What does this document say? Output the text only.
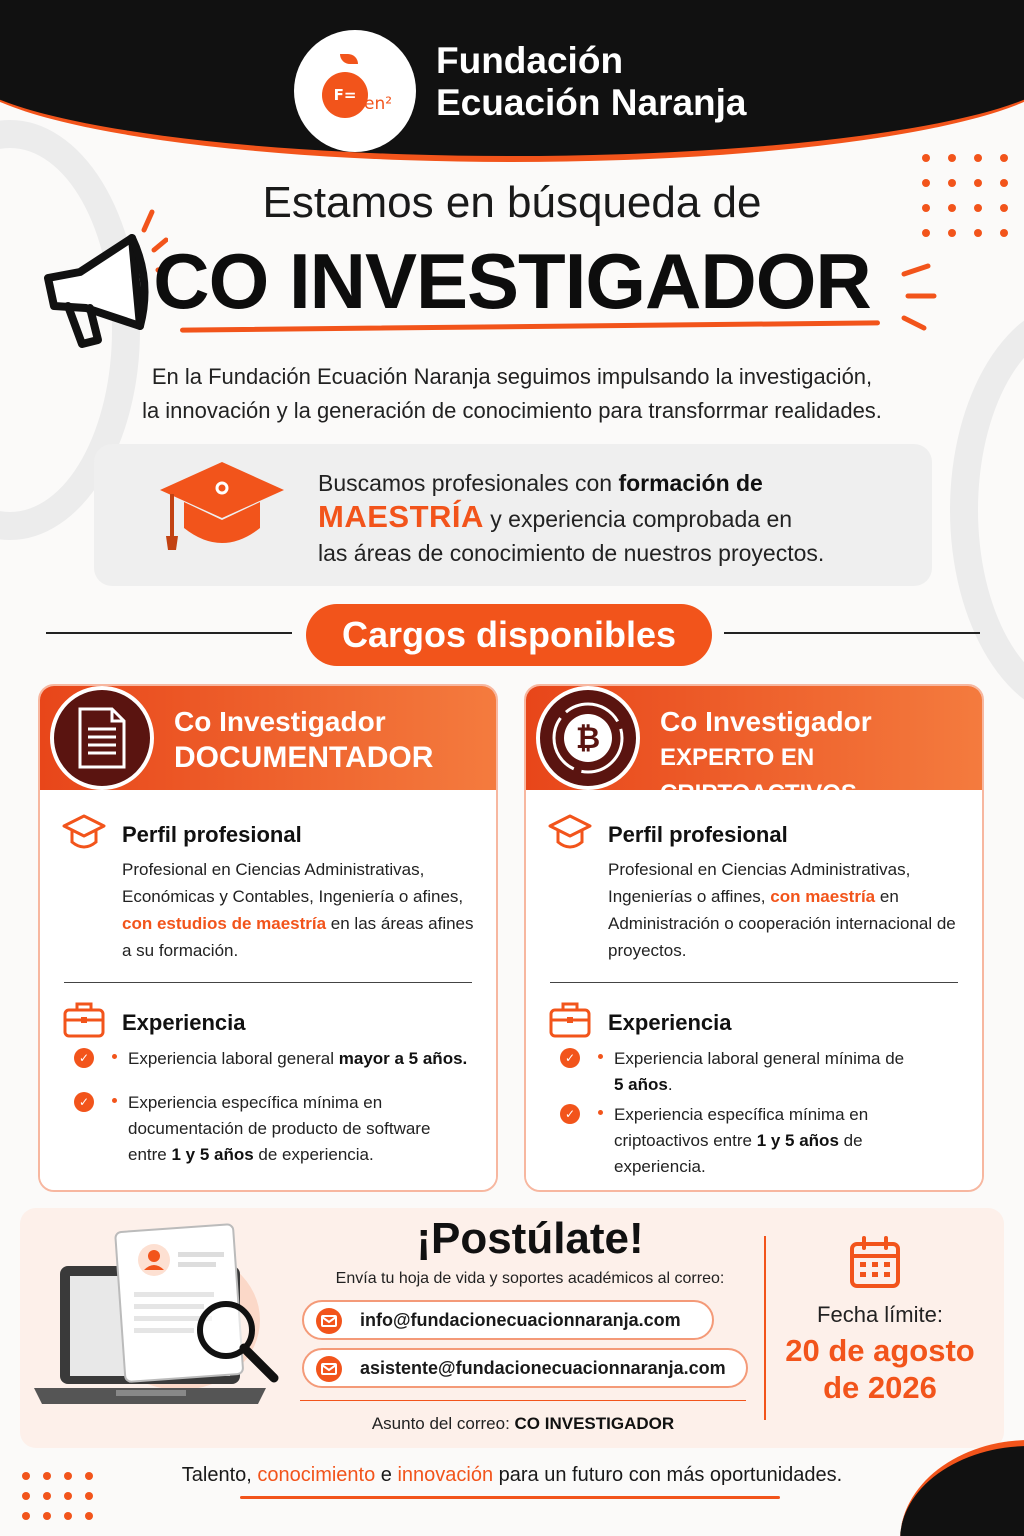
F= en²
Fundación
Ecuación Naranja
Estamos en búsqueda de
CO INVESTIGADOR
En la Fundación Ecuación Naranja seguimos impulsando la investigación,
la innovación y la generación de conocimiento para transforrmar realidades.
Buscamos profesionales con formación de
MAESTRÍA y experiencia comprobada en
las áreas de conocimiento de nuestros proyectos.
Cargos disponibles
Co Investigador
DOCUMENTADOR
Perfil profesional
Profesional en Ciencias Administrativas, Económicas y Contables, Ingeniería o afines, con estudios de maestría en las áreas afines a su formación.
Experiencia
✓ Experiencia laboral general mayor a 5 años.
✓ Experiencia específica mínima en documentación de producto de software entre 1 y 5 años de experiencia.
₿ Co Investigador
EXPERTO EN
Perfil profesional
Profesional en Ciencias Administrativas, Ingenierías o affines, con maestría en Administración o cooperación internacional de proyectos.
Experiencia
✓ Experiencia laboral general mínima de 5 años.
✓ Experiencia específica mínima en criptoactivos entre 1 y 5 años de experiencia.
¡Postúlate!
Envía tu hoja de vida y soportes académicos al correo:
info@fundacionecuacionnaranja.com
asistente@fundacionecuacionnaranja.com
Asunto del correo: CO INVESTIGADOR
Fecha límite:
20 de agosto
de 2026
Talento, conocimiento e innovación para un futuro con más oportunidades.
